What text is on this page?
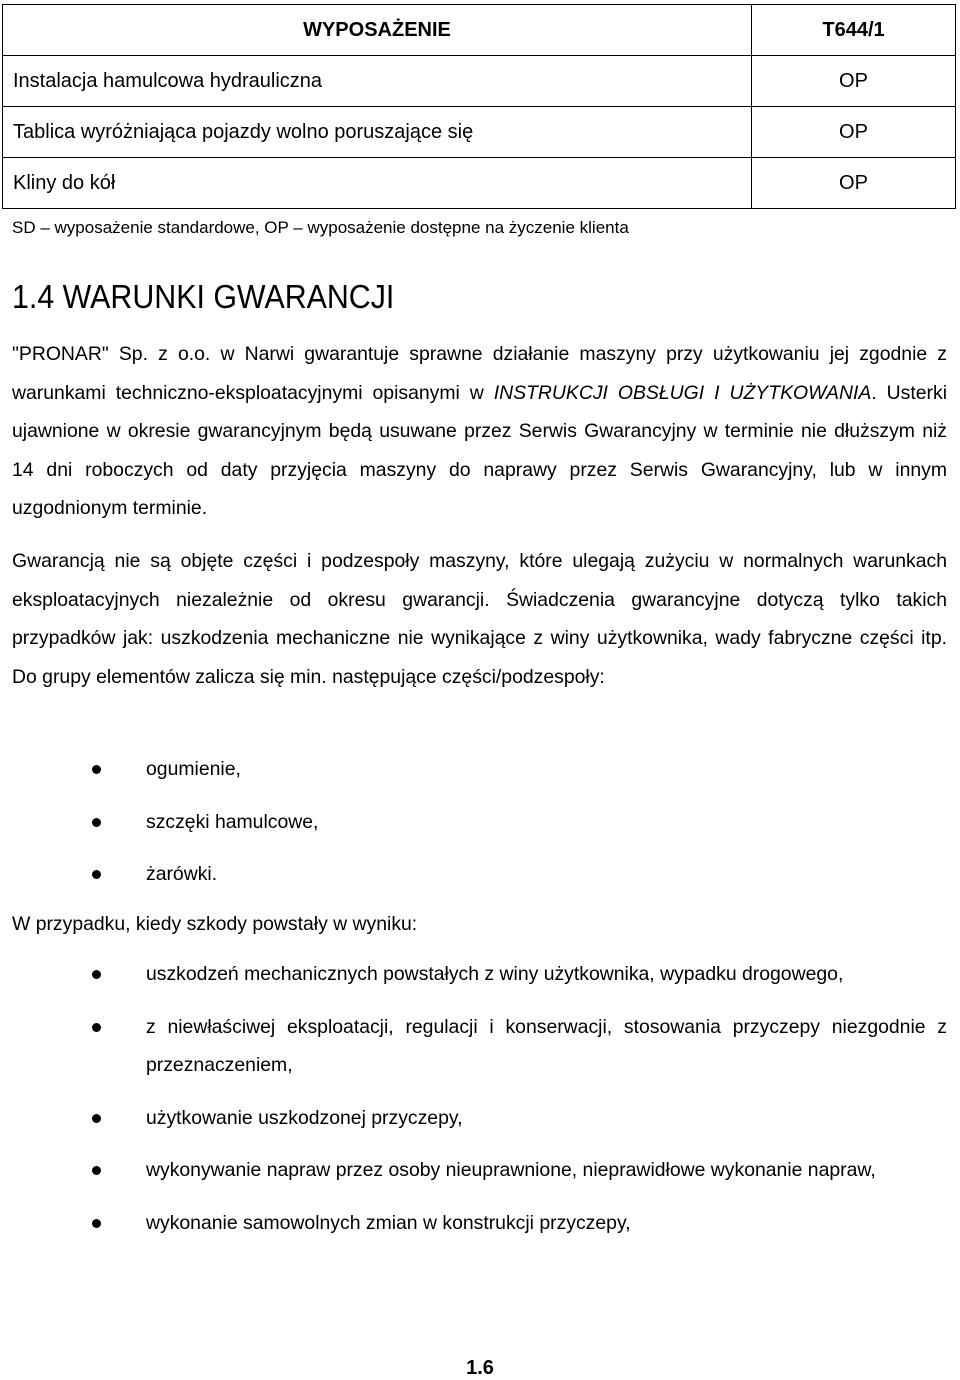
WYPOSAŻENIE	T644/1
Instalacja hamulcowa hydrauliczna	OP
Tablica wyróżniająca pojazdy wolno poruszające się	OP
Kliny do kół	OP

SD – wyposażenie standardowe, OP – wyposażenie dostępne na życzenie klienta

1.4 WARUNKI GWARANCJI

"PRONAR" Sp. z o.o. w Narwi gwarantuje sprawne działanie maszyny przy użytkowaniu jej zgodnie z warunkami techniczno-eksploatacyjnymi opisanymi w INSTRUKCJI OBSŁUGI I UŻYTKOWANIA. Usterki ujawnione w okresie gwarancyjnym będą usuwane przez Serwis Gwarancyjny w terminie nie dłuższym niż 14 dni roboczych od daty przyjęcia maszyny do naprawy przez Serwis Gwarancyjny, lub w innym uzgodnionym terminie.

Gwarancją nie są objęte części i podzespoły maszyny, które ulegają zużyciu w normalnych warunkach eksploatacyjnych niezależnie od okresu gwarancji. Świadczenia gwarancyjne dotyczą tylko takich przypadków jak: uszkodzenia mechaniczne nie wynikające z winy użytkownika, wady fabryczne części itp. Do grupy elementów zalicza się min. następujące części/podzespoły:

ogumienie,
szczęki hamulcowe,
żarówki.

W przypadku, kiedy szkody powstały w wyniku:

uszkodzeń mechanicznych powstałych z winy użytkownika, wypadku drogowego,
z niewłaściwej eksploatacji, regulacji i konserwacji, stosowania przyczepy niezgodnie z przeznaczeniem,
użytkowanie uszkodzonej przyczepy,
wykonywanie napraw przez osoby nieuprawnione, nieprawidłowe wykonanie napraw,
wykonanie samowolnych zmian w konstrukcji przyczepy,

1.6
